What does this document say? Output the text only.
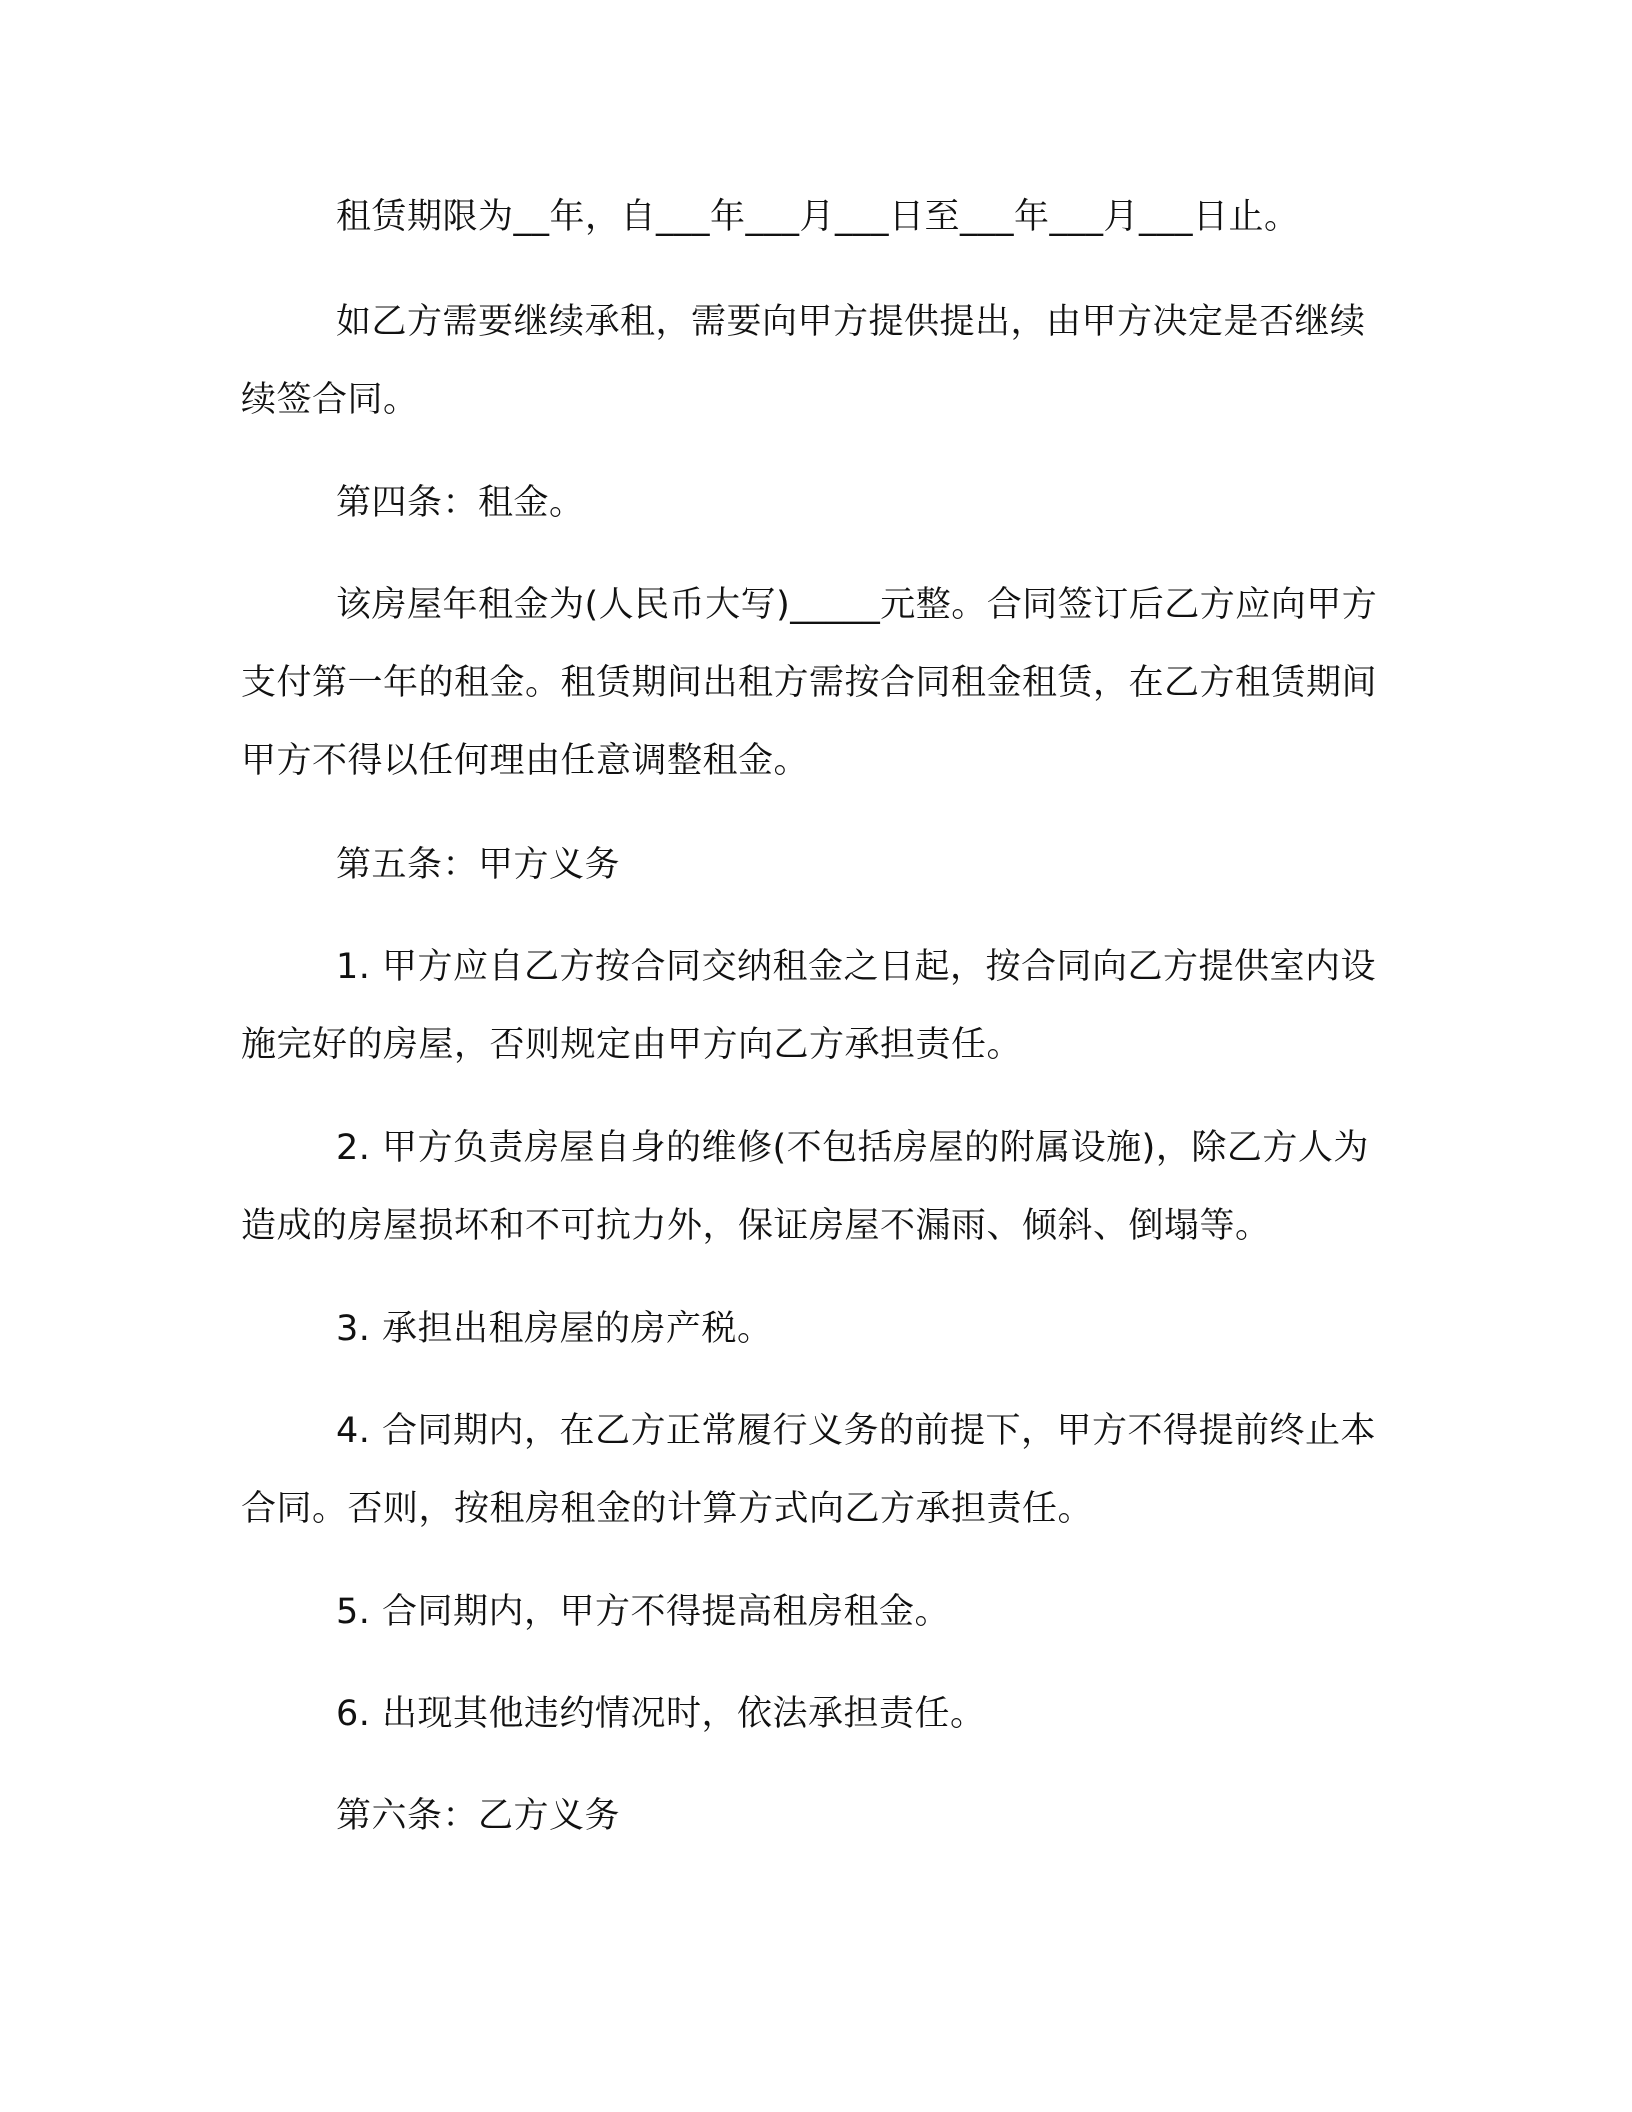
租赁期限为__年，自___年___月___日至___年___月___日止。

如乙方需要继续承租，需要向甲方提供提出，由甲方决定是否继续续签合同。

第四条：租金。

该房屋年租金为(人民币大写)_____元整。合同签订后乙方应向甲方支付第一年的租金。租赁期间出租方需按合同租金租赁，在乙方租赁期间甲方不得以任何理由任意调整租金。

第五条：甲方义务

1. 甲方应自乙方按合同交纳租金之日起，按合同向乙方提供室内设施完好的房屋，否则规定由甲方向乙方承担责任。

2. 甲方负责房屋自身的维修(不包括房屋的附属设施)，除乙方人为造成的房屋损坏和不可抗力外，保证房屋不漏雨、倾斜、倒塌等。

3. 承担出租房屋的房产税。

4. 合同期内，在乙方正常履行义务的前提下，甲方不得提前终止本合同。否则，按租房租金的计算方式向乙方承担责任。

5. 合同期内，甲方不得提高租房租金。

6. 出现其他违约情况时，依法承担责任。

第六条：乙方义务
